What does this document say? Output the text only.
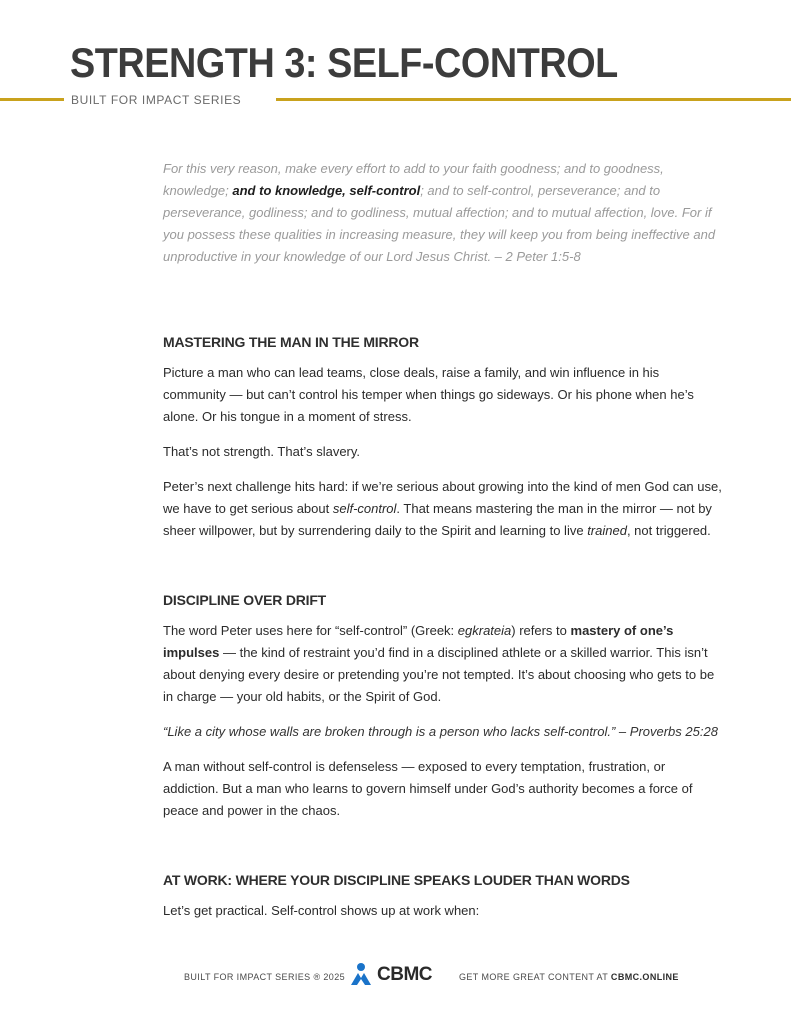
STRENGTH 3: SELF-CONTROL
BUILT FOR IMPACT SERIES

For this very reason, make every effort to add to your faith goodness; and to goodness, knowledge; and to knowledge, self-control; and to self-control, perseverance; and to perseverance, godliness; and to godliness, mutual affection; and to mutual affection, love. For if you possess these qualities in increasing measure, they will keep you from being ineffective and unproductive in your knowledge of our Lord Jesus Christ. – 2 Peter 1:5-8

MASTERING THE MAN IN THE MIRROR

Picture a man who can lead teams, close deals, raise a family, and win influence in his community — but can’t control his temper when things go sideways. Or his phone when he’s alone. Or his tongue in a moment of stress.

That’s not strength. That’s slavery.

Peter’s next challenge hits hard: if we’re serious about growing into the kind of men God can use, we have to get serious about self-control. That means mastering the man in the mirror — not by sheer willpower, but by surrendering daily to the Spirit and learning to live trained, not triggered.

DISCIPLINE OVER DRIFT

The word Peter uses here for “self-control” (Greek: egkrateia) refers to mastery of one’s impulses — the kind of restraint you’d find in a disciplined athlete or a skilled warrior. This isn’t about denying every desire or pretending you’re not tempted. It’s about choosing who gets to be in charge — your old habits, or the Spirit of God.

“Like a city whose walls are broken through is a person who lacks self-control.” – Proverbs 25:28

A man without self-control is defenseless — exposed to every temptation, frustration, or addiction. But a man who learns to govern himself under God’s authority becomes a force of peace and power in the chaos.

AT WORK: WHERE YOUR DISCIPLINE SPEAKS LOUDER THAN WORDS

Let’s get practical. Self-control shows up at work when:

BUILT FOR IMPACT SERIES ® 2025 CBMC	GET MORE GREAT CONTENT AT CBMC.ONLINE
